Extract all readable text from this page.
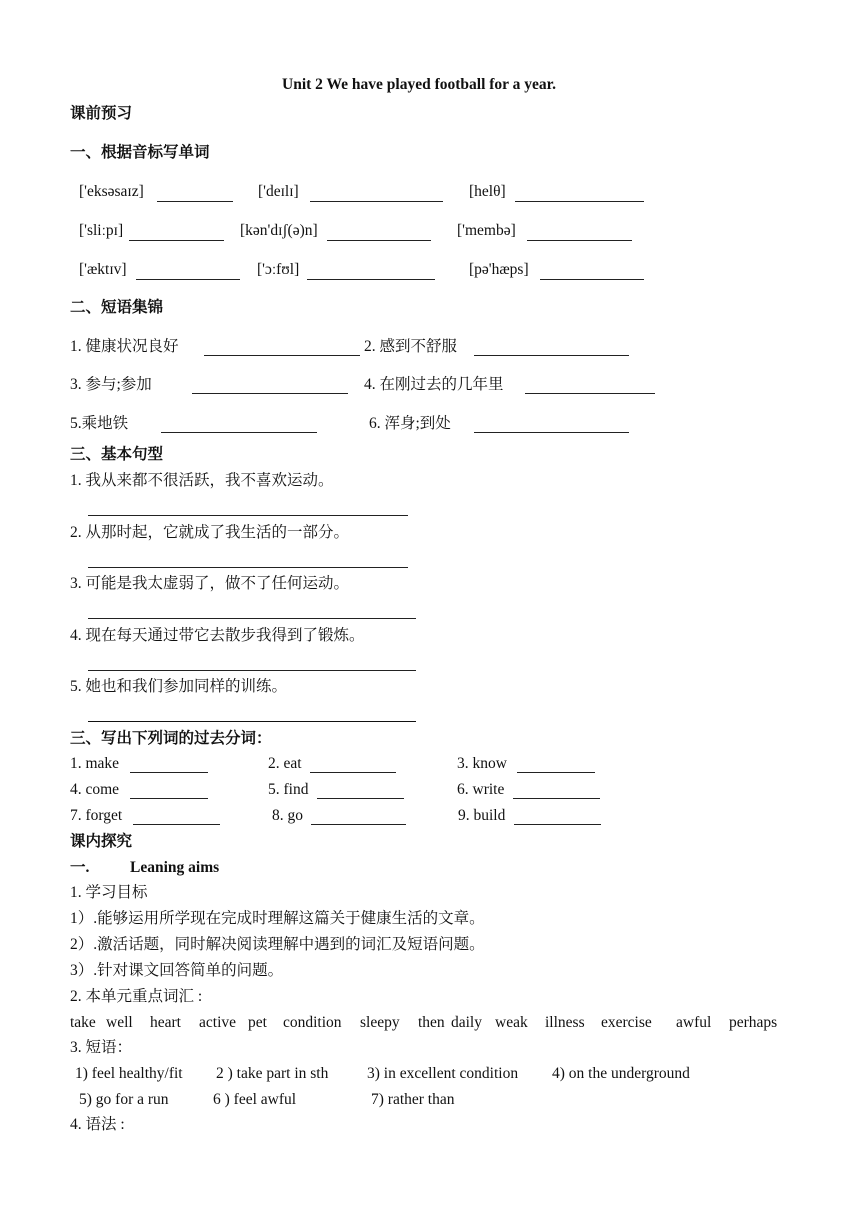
Unit 2 We have played football for a year.
课前预习
一、根据音标写单词
['eksəsaɪz]	['deɪlɪ]	[helθ]
['sliːpɪ]	[kən'dɪʃ(ə)n]	['membə]
['æktɪv]	['ɔːfʊl]	[pə'hæps]
二、短语集锦
1. 健康状况良好	2. 感到不舒服
3. 参与;参加	4. 在刚过去的几年里
5.乘地铁	6. 浑身;到处
三、基本句型
1. 我从来都不很活跃，我不喜欢运动。
2. 从那时起，它就成了我生活的一部分。
3. 可能是我太虚弱了，做不了任何运动。
4. 现在每天通过带它去散步我得到了锻炼。
5. 她也和我们参加同样的训练。
三、写出下列词的过去分词：
1. make	2. eat	3. know
4. come	5. find	6. write
7. forget	8. go	9. build
课内探究
一.	Leaning aims
1. 学习目标
1）.能够运用所学现在完成时理解这篇关于健康生活的文章。
2）.激活话题，同时解决阅读理解中遇到的词汇及短语问题。
3）.针对课文回答简单的问题。
2. 本单元重点词汇 :
take well heart active pet condition sleepy then daily weak illness exercise awful perhaps
3. 短语：
1) feel healthy/fit 2 ) take part in sth 3) in excellent condition 4) on the underground
5) go for a run	6 ) feel awful	7) rather than
4. 语法 :
